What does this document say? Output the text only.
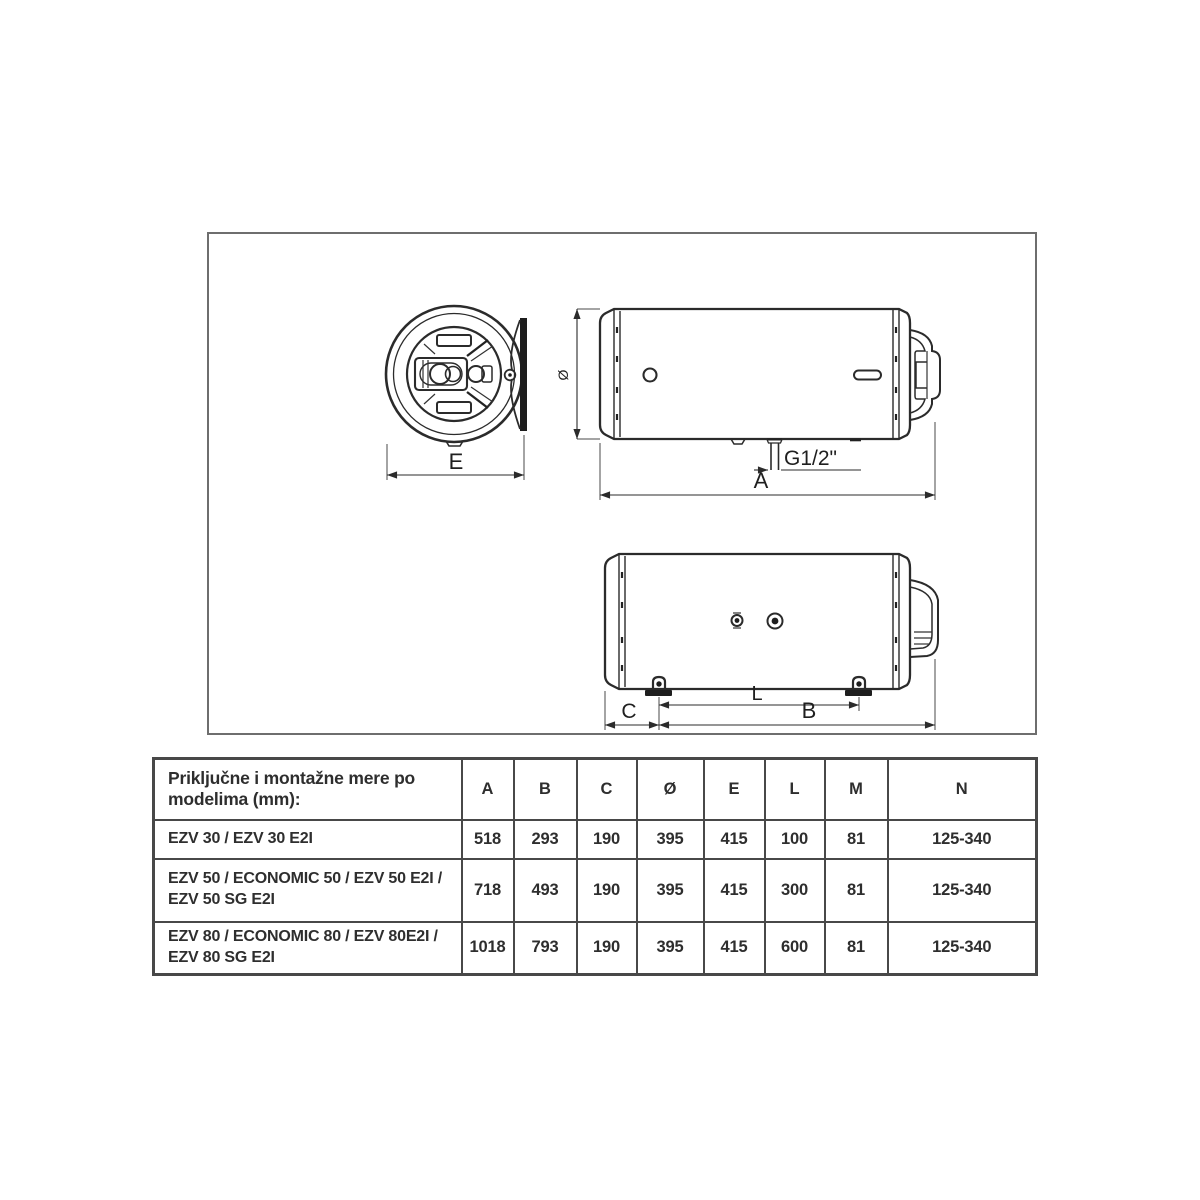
E	G1/2"
Ø
A
L
C	B
Priključne i montažne mere po modelima (mm):	A	B	C	Ø	E	L	M	N
EZV 30 / EZV 30 E2I	518	293	190	395	415	100	81	125-340
EZV 50 / ECONOMIC 50 / EZV 50 E2I / EZV 50 SG E2I	718	493	190	395	415	300	81	125-340
EZV 80 / ECONOMIC 80 / EZV 80E2I / EZV 80 SG E2I	1018	793	190	395	415	600	81	125-340
